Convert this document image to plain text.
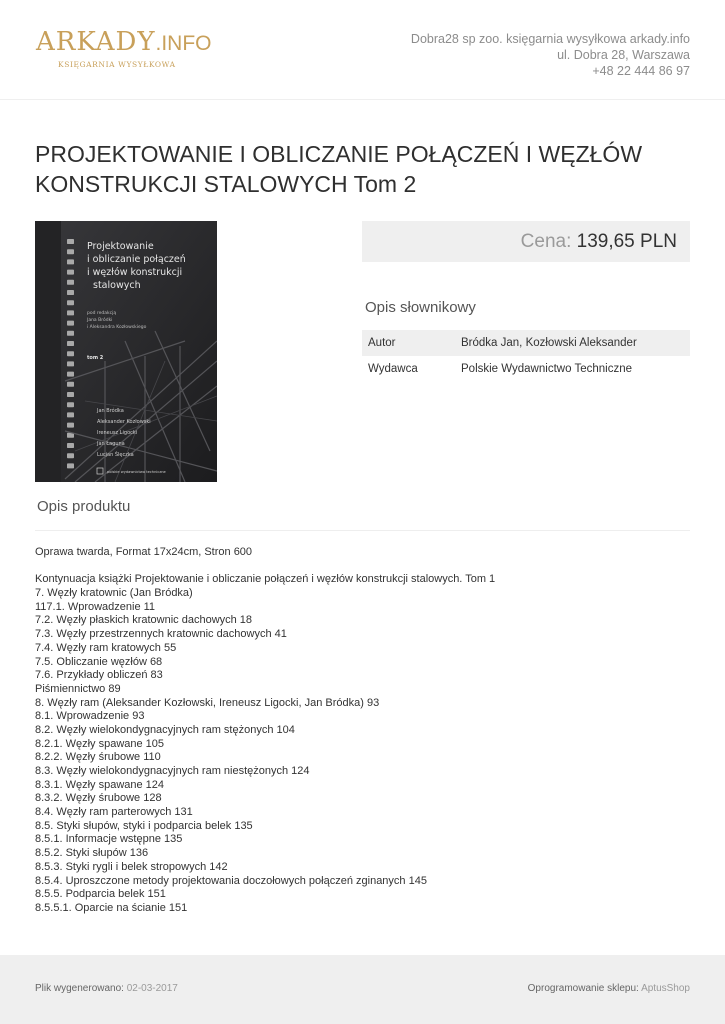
ARKADY.INFO
KSIĘGARNIA WYSYŁKOWA
Dobra28 sp zoo. księgarnia wysyłkowa arkady.info
ul. Dobra 28, Warszawa
+48 22 444 86 97
PROJEKTOWANIE I OBLICZANIE POŁĄCZEŃ I WĘZŁÓW KONSTRUKCJI STALOWYCH Tom 2
Projektowanie
i obliczanie połączeń
i węzłów konstrukcji
stalowych
pod redakcją
Jana Bródki
i Aleksandra Kozłowskiego
tom 2
Jan Bródka
Aleksander Kozłowski
Ireneusz Ligocki
Jan Łaguna
Lucjan Ślęczka
polskie wydawnictwo techniczne
Cena: 139,65 PLN
Opis słownikowy
Autor	Bródka Jan, Kozłowski Aleksander
Wydawca	Polskie Wydawnictwo Techniczne
Opis produktu
Oprawa twarda, Format 17x24cm, Stron 600
Kontynuacja książki Projektowanie i obliczanie połączeń i węzłów konstrukcji stalowych. Tom 1
7. Węzły kratownic (Jan Bródka)
117.1. Wprowadzenie 11
7.2. Węzły płaskich kratownic dachowych 18
7.3. Węzły przestrzennych kratownic dachowych 41
7.4. Węzły ram kratowych 55
7.5. Obliczanie węzłów 68
7.6. Przykłady obliczeń 83
Piśmiennictwo 89
8. Węzły ram (Aleksander Kozłowski, Ireneusz Ligocki, Jan Bródka) 93
8.1. Wprowadzenie 93
8.2. Węzły wielokondygnacyjnych ram stężonych 104
8.2.1. Węzły spawane 105
8.2.2. Węzły śrubowe 110
8.3. Węzły wielokondygnacyjnych ram niestężonych 124
8.3.1. Węzły spawane 124
8.3.2. Węzły śrubowe 128
8.4. Węzły ram parterowych 131
8.5. Styki słupów, styki i podparcia belek 135
8.5.1. Informacje wstępne 135
8.5.2. Styki słupów 136
8.5.3. Styki rygli i belek stropowych 142
8.5.4. Uproszczone metody projektowania doczołowych połączeń zginanych 145
8.5.5. Podparcia belek 151
8.5.5.1. Oparcie na ścianie 151
Plik wygenerowano: 02-03-2017	Oprogramowanie sklepu: AptusShop
